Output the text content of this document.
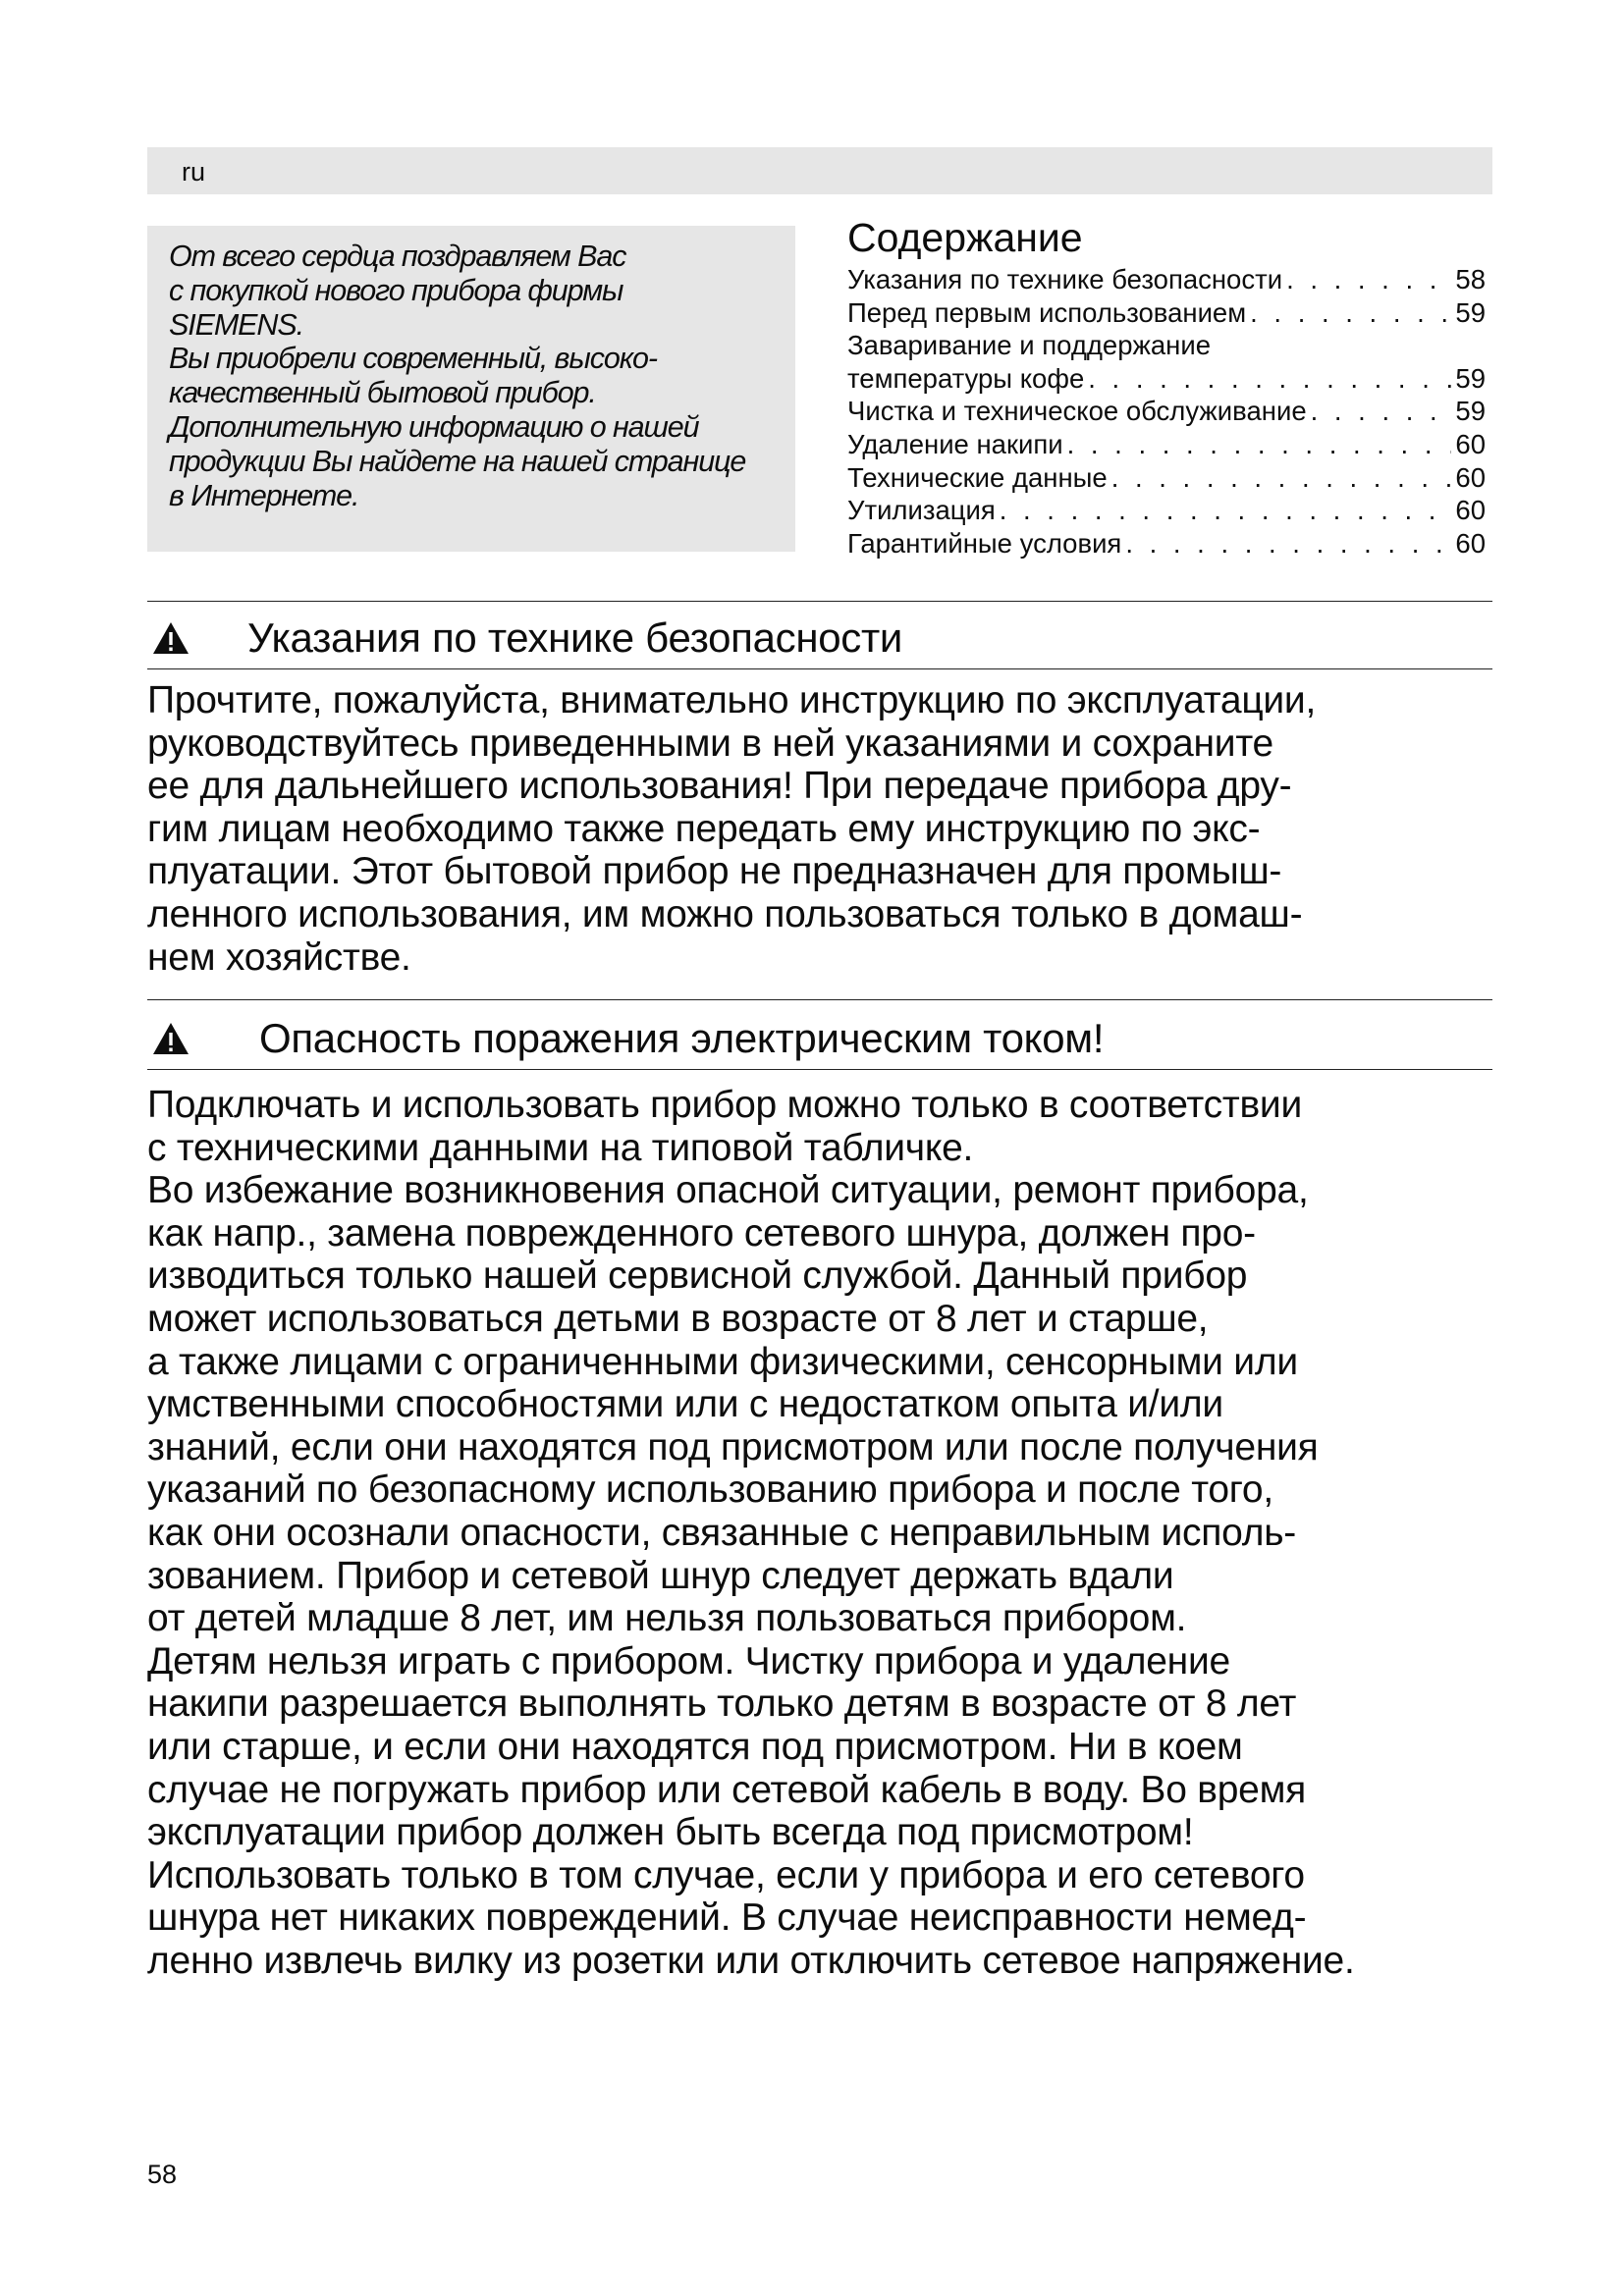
ru
От всего сердца поздравляем Вас
с покупкой нового прибора фирмы
SIEMENS.
Вы приобрели современный, высоко-
качественный бытовой прибор.
Дополнительную информацию о нашей
продукции Вы найдете на нашей странице
в Интернете.
Содержание
Указания по технике безопасности . . .	58
Перед первым использованием . . .	59
Заваривание и поддержание
температуры кофе . . .	59
Чистка и техническое обслуживание . . .	59
Удаление накипи . . .	60
Технические данные . . .	60
Утилизация . . .	60
Гарантийные условия . . .	60
Указания по технике безопасности
Прочтите, пожалуйста, внимательно инструкцию по эксплуатации,
руководствуйтесь приведенными в ней указаниями и сохраните
ее для дальнейшего использования! При передаче прибора дру-
гим лицам необходимо также передать ему инструкцию по экс-
плуатации. Этот бытовой прибор не предназначен для промыш-
ленного использования, им можно пользоваться только в домаш-
нем хозяйстве.
Опасность поражения электрическим током!
Подключать и использовать прибор можно только в соответствии
с техническими данными на типовой табличке.
Во избежание возникновения опасной ситуации, ремонт прибора,
как напр., замена поврежденного сетевого шнура, должен про-
изводиться только нашей сервисной службой. Данный прибор
может использоваться детьми в возрасте от 8 лет и старше,
а также лицами с ограниченными физическими, сенсорными или
умственными способностями или с недостатком опыта и/или
знаний, если они находятся под присмотром или после получения
указаний по безопасному использованию прибора и после того,
как они осознали опасности, связанные с неправильным исполь-
зованием. Прибор и сетевой шнур следует держать вдали
от детей младше 8 лет, им нельзя пользоваться прибором.
Детям нельзя играть с прибором. Чистку прибора и удаление
накипи разрешается выполнять только детям в возрасте от 8 лет
или старше, и если они находятся под присмотром. Ни в коем
случае не погружать прибор или сетевой кабель в воду. Во время
эксплуатации прибор должен быть всегда под присмотром!
Использовать только в том случае, если у прибора и его сетевого
шнура нет никаких повреждений. В случае неисправности немед-
ленно извлечь вилку из розетки или отключить сетевое напряжение.
58
